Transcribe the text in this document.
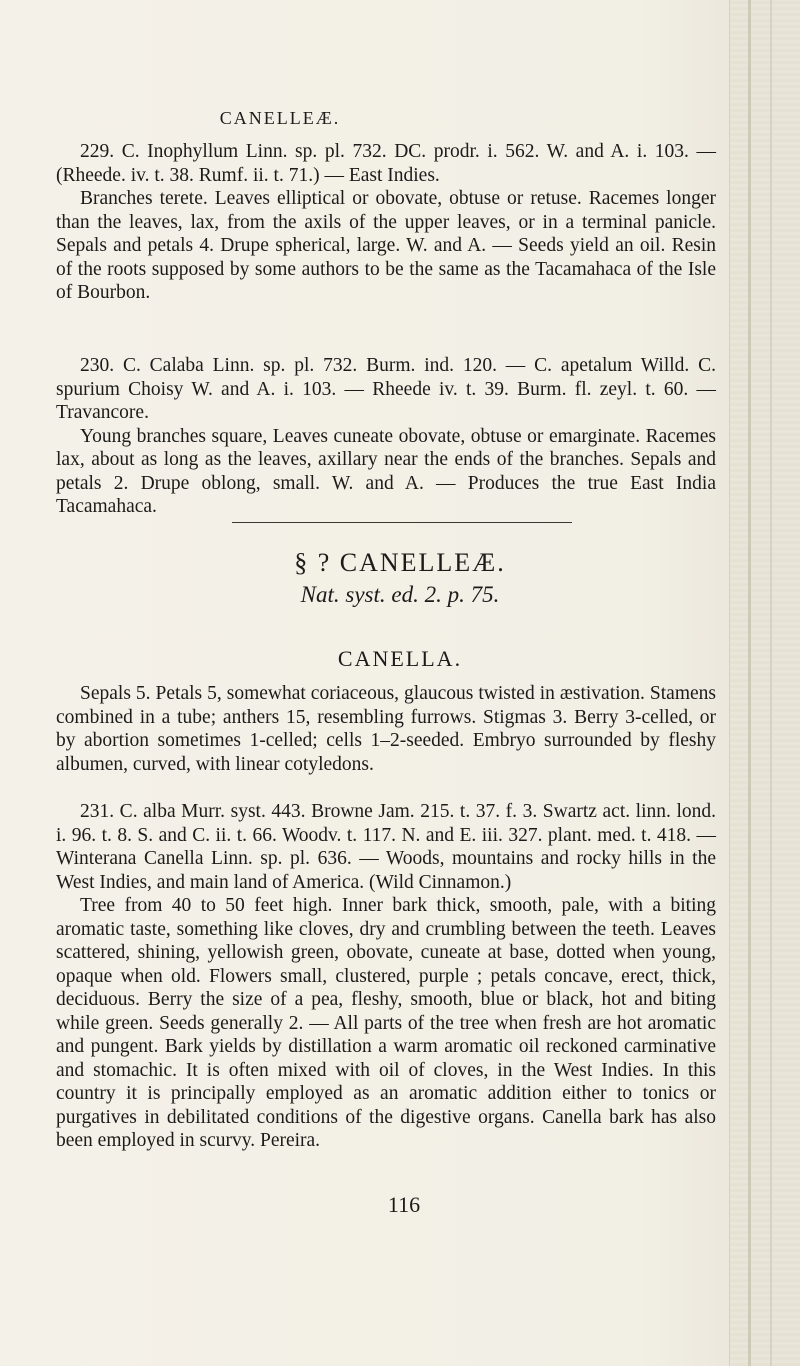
CANELLEÆ.

229. C. Inophyllum Linn. sp. pl. 732. DC. prodr. i. 562. W. and A. i. 103. — (Rheede. iv. t. 38. Rumf. ii. t. 71.) — East Indies.

Branches terete. Leaves elliptical or obovate, obtuse or retuse. Racemes longer than the leaves, lax, from the axils of the upper leaves, or in a terminal panicle. Sepals and petals 4. Drupe spherical, large. W. and A. — Seeds yield an oil. Resin of the roots supposed by some authors to be the same as the Tacamahaca of the Isle of Bourbon.

230. C. Calaba Linn. sp. pl. 732. Burm. ind. 120. — C. apetalum Willd. C. spurium Choisy W. and A. i. 103. — Rheede iv. t. 39. Burm. fl. zeyl. t. 60. — Travancore.

Young branches square, Leaves cuneate obovate, obtuse or emarginate. Racemes lax, about as long as the leaves, axillary near the ends of the branches. Sepals and petals 2. Drupe oblong, small. W. and A. — Produces the true East India Tacamahaca.

§ ? CANELLEÆ.
Nat. syst. ed. 2. p. 75.
CANELLA.

Sepals 5. Petals 5, somewhat coriaceous, glaucous twisted in æstivation. Stamens combined in a tube; anthers 15, resembling furrows. Stigmas 3. Berry 3-celled, or by abortion sometimes 1-celled; cells 1–2-seeded. Embryo surrounded by fleshy albumen, curved, with linear cotyledons.

231. C. alba Murr. syst. 443. Browne Jam. 215. t. 37. f. 3. Swartz act. linn. lond. i. 96. t. 8. S. and C. ii. t. 66. Woodv. t. 117. N. and E. iii. 327. plant. med. t. 418. — Winterana Canella Linn. sp. pl. 636. — Woods, mountains and rocky hills in the West Indies, and main land of America. (Wild Cinnamon.)

Tree from 40 to 50 feet high. Inner bark thick, smooth, pale, with a biting aromatic taste, something like cloves, dry and crumbling between the teeth. Leaves scattered, shining, yellowish green, obovate, cuneate at base, dotted when young, opaque when old. Flowers small, clustered, purple ; petals concave, erect, thick, deciduous. Berry the size of a pea, fleshy, smooth, blue or black, hot and biting while green. Seeds generally 2. — All parts of the tree when fresh are hot aromatic and pungent. Bark yields by distillation a warm aromatic oil reckoned carminative and stomachic. It is often mixed with oil of cloves, in the West Indies. In this country it is principally employed as an aromatic addition either to tonics or purgatives in debilitated conditions of the digestive organs. Canella bark has also been employed in scurvy. Pereira.

116
